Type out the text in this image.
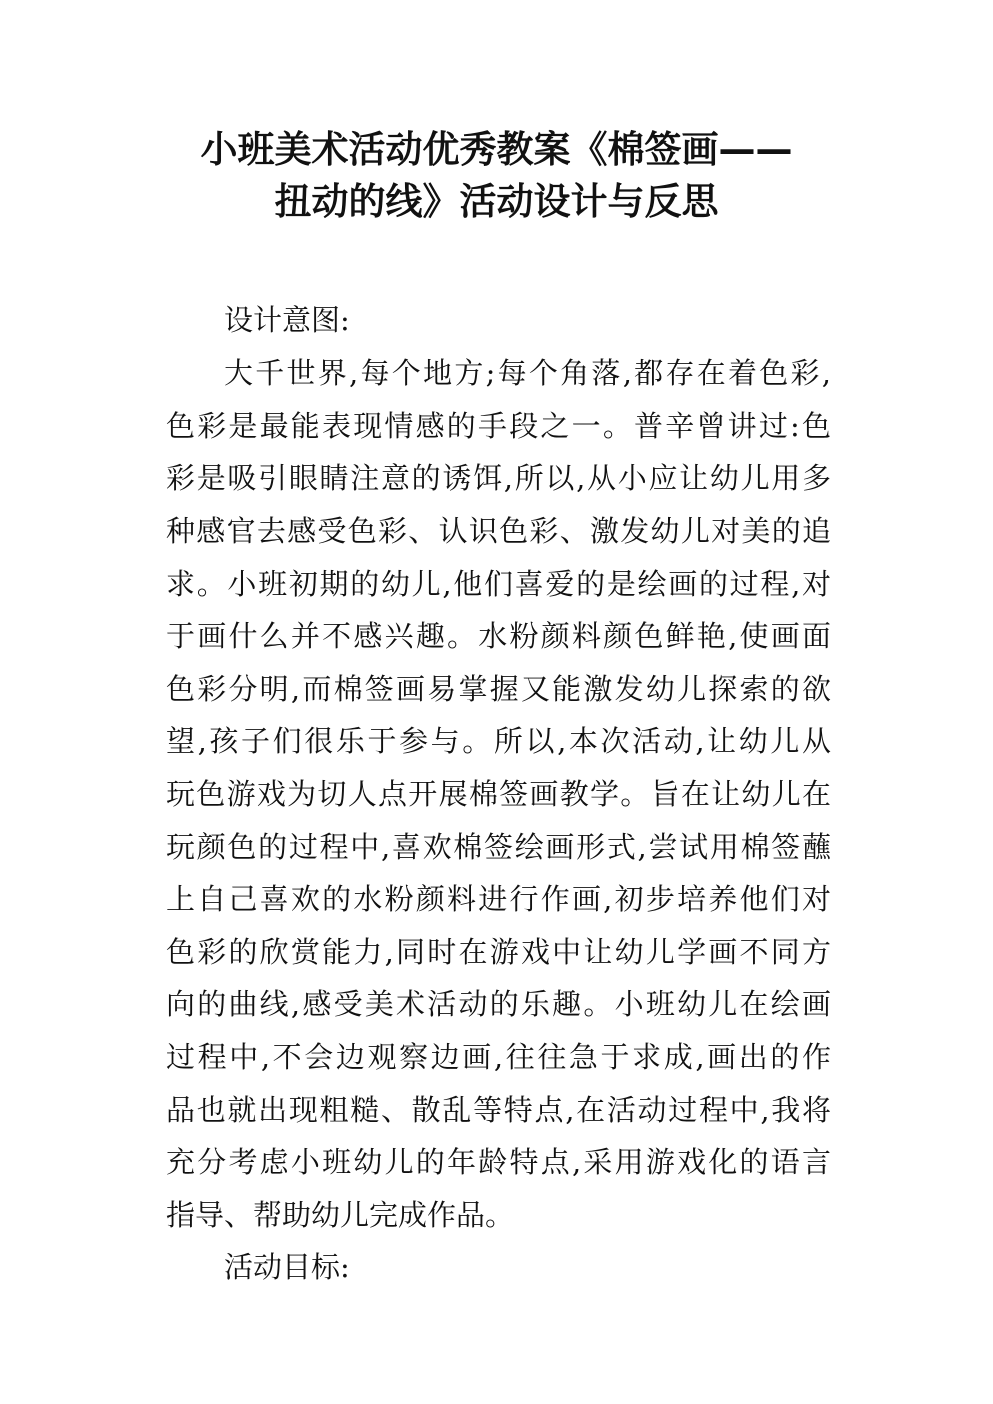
小班美术活动优秀教案《棉签画——
扭动的线》活动设计与反思

设计意图:

大千世界,每个地方;每个角落,都存在着色彩,

色彩是最能表现情感的手段之一。普辛曾讲过:色

彩是吸引眼睛注意的诱饵,所以,从小应让幼儿用多

种感官去感受色彩、认识色彩、激发幼儿对美的追

求。小班初期的幼儿,他们喜爱的是绘画的过程,对

于画什么并不感兴趣。水粉颜料颜色鲜艳,使画面

色彩分明,而棉签画易掌握又能激发幼儿探索的欲

望,孩子们很乐于参与。所以,本次活动,让幼儿从

玩色游戏为切人点开展棉签画教学。旨在让幼儿在

玩颜色的过程中,喜欢棉签绘画形式,尝试用棉签蘸

上自己喜欢的水粉颜料进行作画,初步培养他们对

色彩的欣赏能力,同时在游戏中让幼儿学画不同方

向的曲线,感受美术活动的乐趣。小班幼儿在绘画

过程中,不会边观察边画,往往急于求成,画出的作

品也就出现粗糙、散乱等特点,在活动过程中,我将

充分考虑小班幼儿的年龄特点,采用游戏化的语言

指导、帮助幼儿完成作品。

活动目标:
